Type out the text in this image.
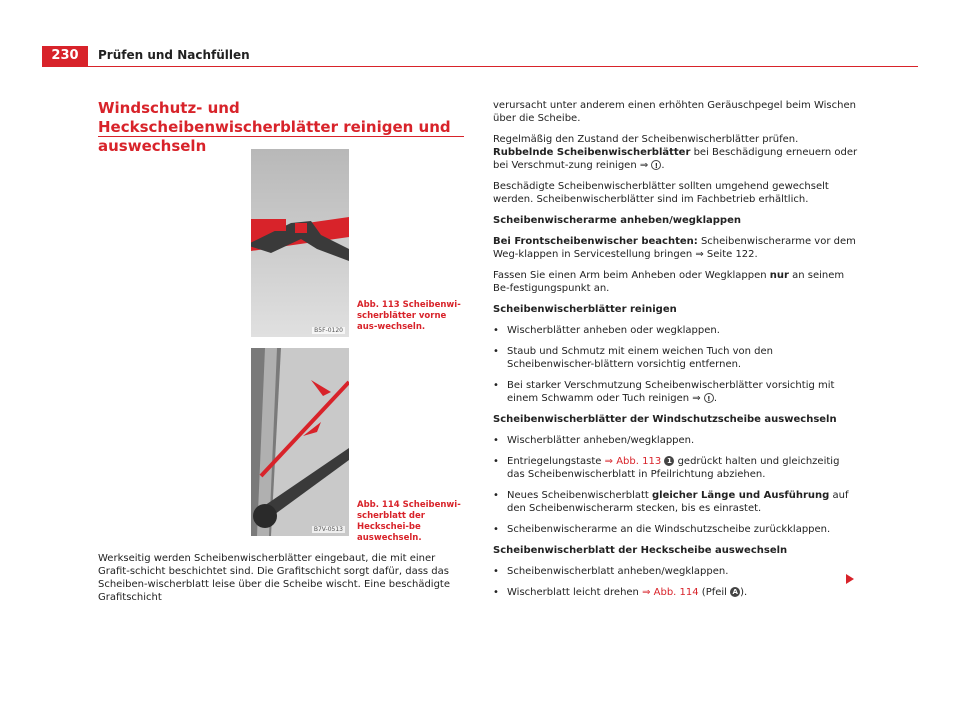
230	Prüfen und Nachfüllen
Windschutz- und Heckscheibenwischerblätter reinigen und auswechseln
B5F-0120
B7V-0513
Abb. 113 Scheibenwi-scherblätter vorne aus-wechseln.
Abb. 114 Scheibenwi-scherblatt der Heckschei-be auswechseln.
Werkseitig werden Scheibenwischerblätter eingebaut, die mit einer Grafit-schicht beschichtet sind. Die Grafitschicht sorgt dafür, dass das Scheiben-wischerblatt leise über die Scheibe wischt. Eine beschädigte Grafitschicht

verursacht unter anderem einen erhöhten Geräuschpegel beim Wischen über die Scheibe.

Regelmäßig den Zustand der Scheibenwischerblätter prüfen. Rubbelnde Scheibenwischerblätter bei Beschädigung erneuern oder bei Verschmut-zung reinigen ⇒ ! .

Beschädigte Scheibenwischerblätter sollten umgehend gewechselt werden. Scheibenwischerblätter sind im Fachbetrieb erhältlich.

Scheibenwischerarme anheben/wegklappen

Bei Frontscheibenwischer beachten: Scheibenwischerarme vor dem Weg-klappen in Servicestellung bringen ⇒ Seite 122.

Fassen Sie einen Arm beim Anheben oder Wegklappen nur an seinem Be-festigungspunkt an.

Scheibenwischerblätter reinigen

• Wischerblätter anheben oder wegklappen.

• Staub und Schmutz mit einem weichen Tuch von den Scheibenwischer-blättern vorsichtig entfernen.

• Bei starker Verschmutzung Scheibenwischerblätter vorsichtig mit einem Schwamm oder Tuch reinigen ⇒ ! .

Scheibenwischerblätter der Windschutzscheibe auswechseln

• Wischerblätter anheben/wegklappen.

• Entriegelungstaste ⇒ Abb. 113 1 gedrückt halten und gleichzeitig das Scheibenwischerblatt in Pfeilrichtung abziehen.

• Neues Scheibenwischerblatt gleicher Länge und Ausführung auf den Scheibenwischerarm stecken, bis es einrastet.

• Scheibenwischerarme an die Windschutzscheibe zurückklappen.

Scheibenwischerblatt der Heckscheibe auswechseln

• Scheibenwischerblatt anheben/wegklappen.

• Wischerblatt leicht drehen ⇒ Abb. 114 (Pfeil A ).
